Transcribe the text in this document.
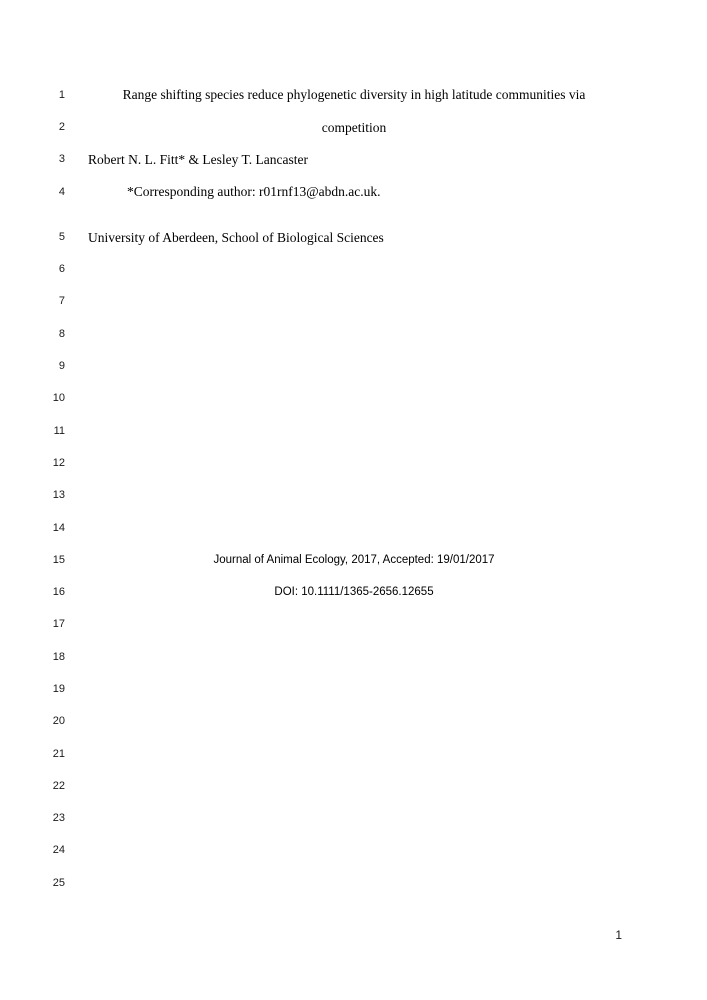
1	Range shifting species reduce phylogenetic diversity in high latitude communities via
2	competition
3 Robert N. L. Fitt* & Lesley T. Lancaster
4	*Corresponding author: r01rnf13@abdn.ac.uk.
5 University of Aberdeen, School of Biological Sciences
6
7
8
9
10
11
12
13
14
15	Journal of Animal Ecology, 2017, Accepted: 19/01/2017
16	DOI: 10.1111/1365-2656.12655
17
18
19
20
21
22
23
24
25
1
